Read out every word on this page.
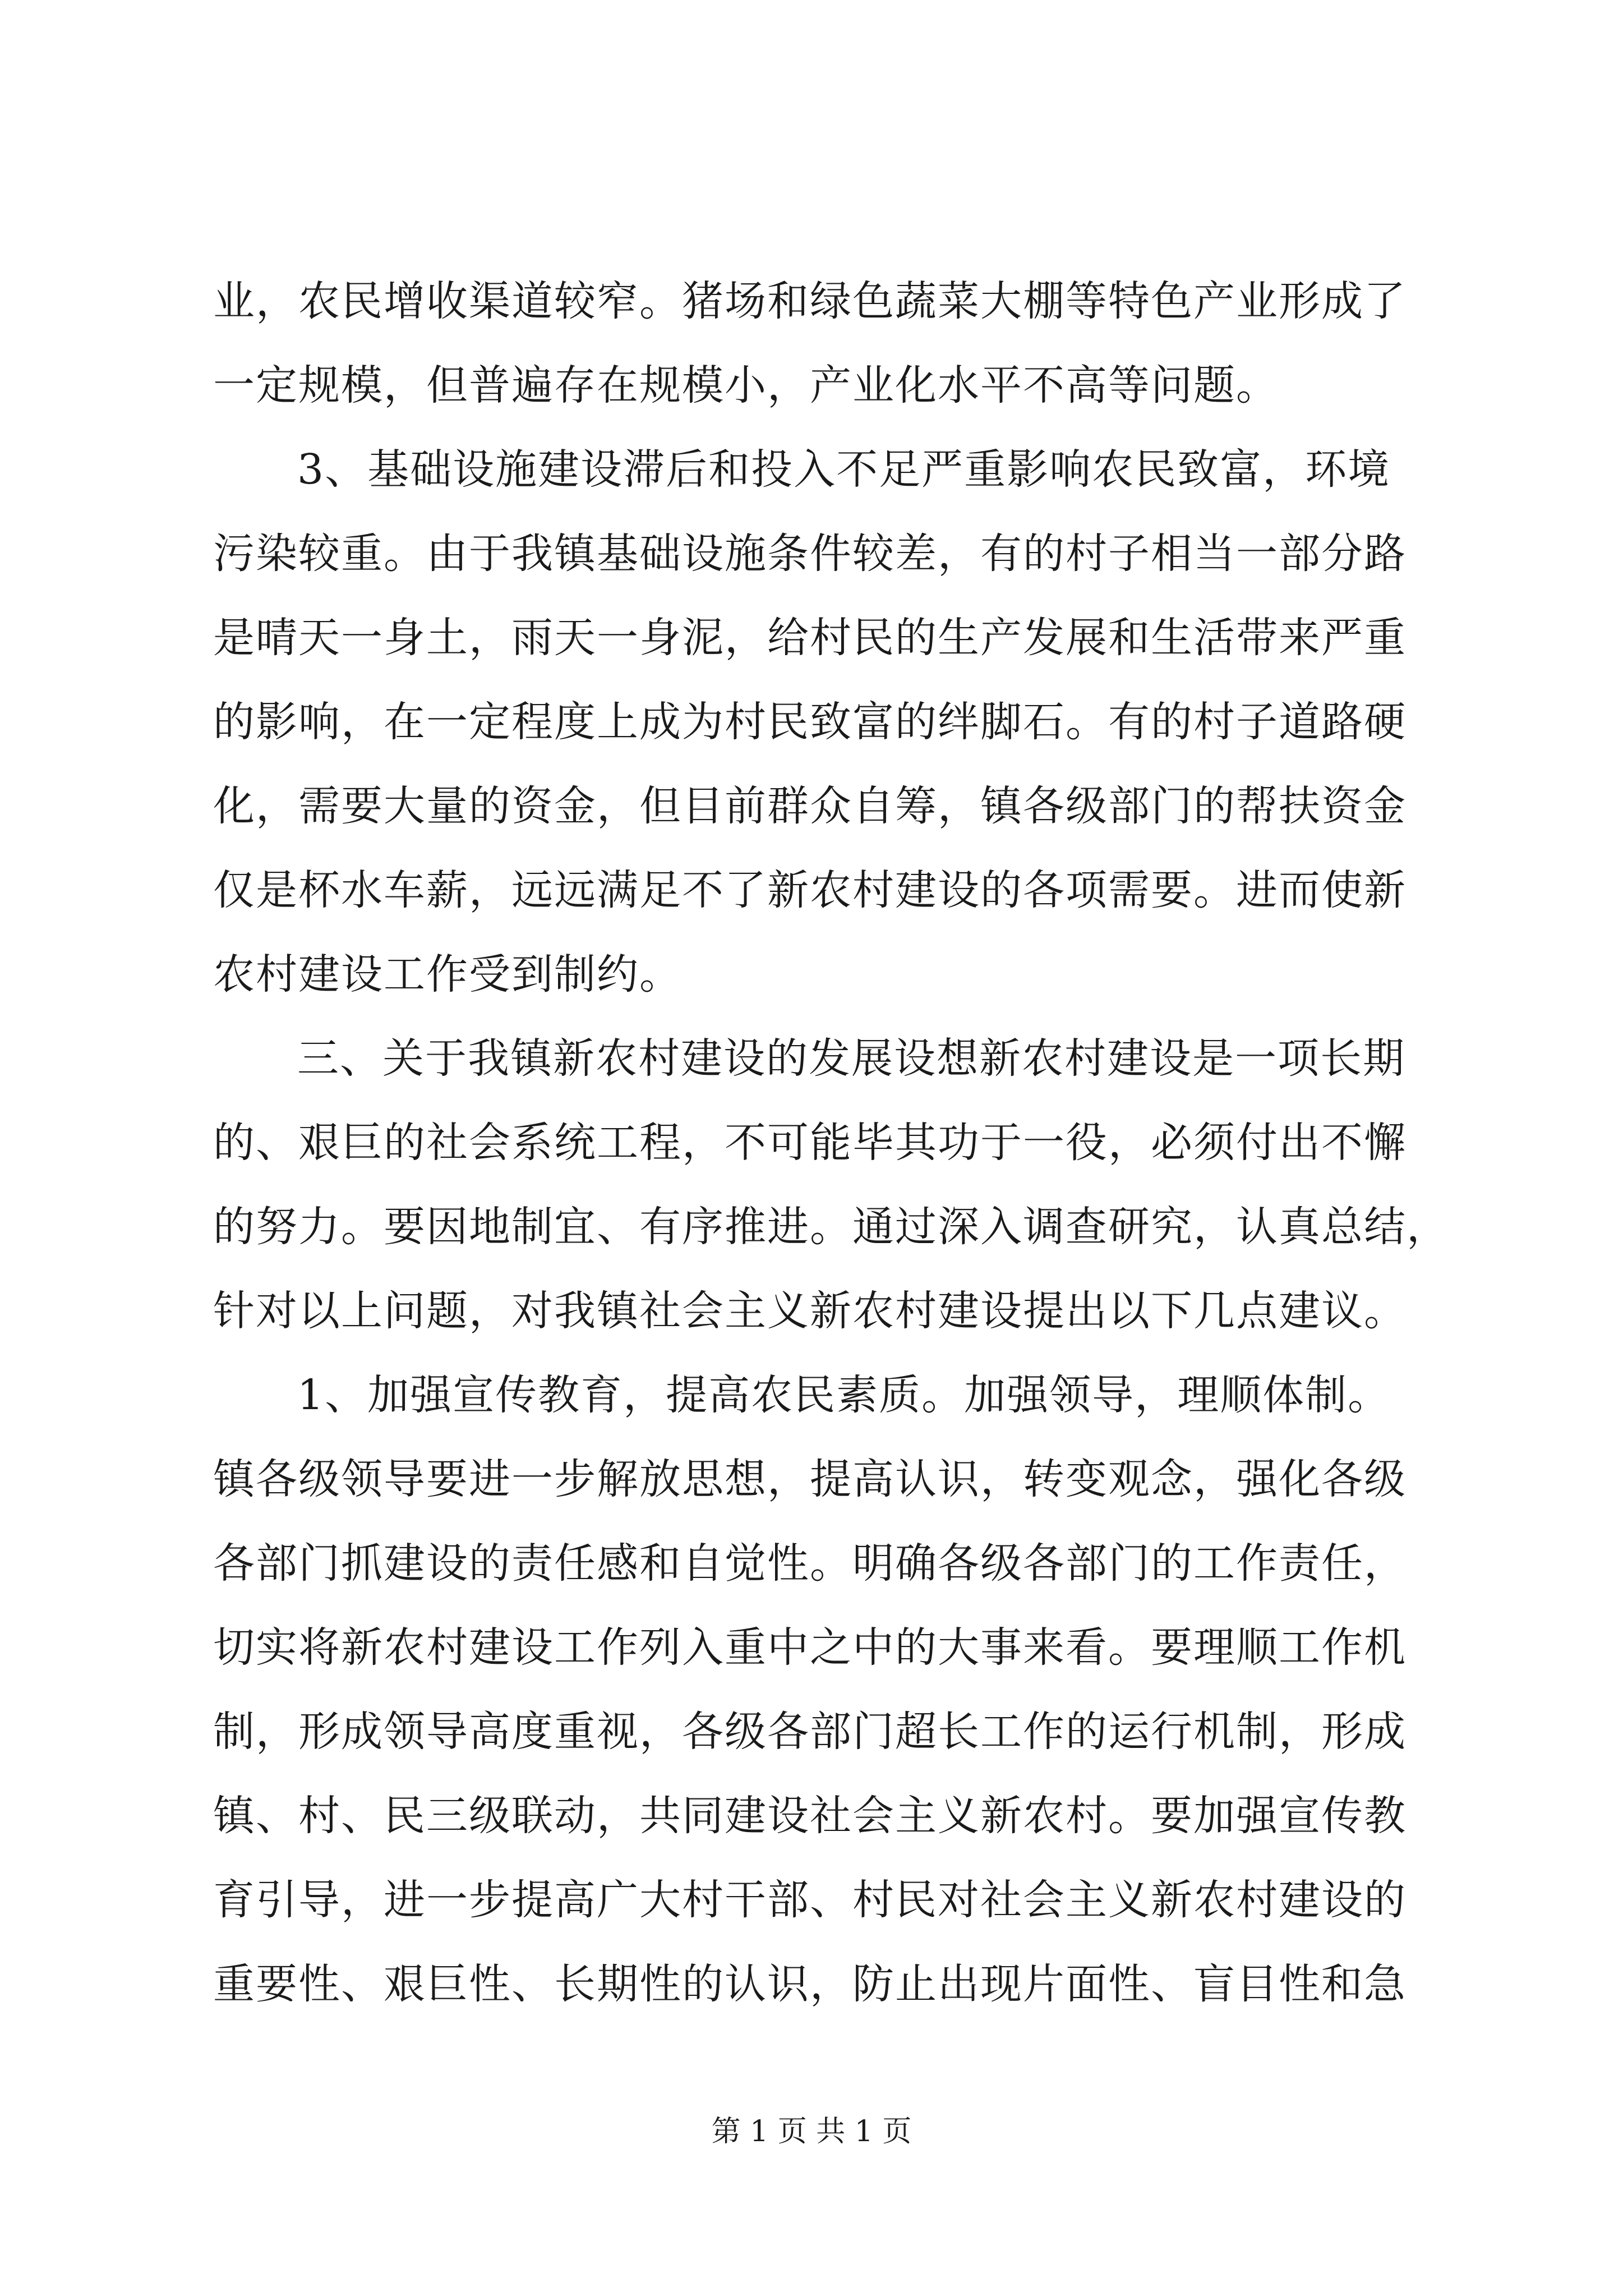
业，农民增收渠道较窄。猪场和绿色蔬菜大棚等特色产业形成了
一定规模，但普遍存在规模小，产业化水平不高等问题。
3、基础设施建设滞后和投入不足严重影响农民致富，环境
污染较重。由于我镇基础设施条件较差，有的村子相当一部分路
是晴天一身土，雨天一身泥，给村民的生产发展和生活带来严重
的影响，在一定程度上成为村民致富的绊脚石。有的村子道路硬
化，需要大量的资金，但目前群众自筹，镇各级部门的帮扶资金
仅是杯水车薪，远远满足不了新农村建设的各项需要。进而使新
农村建设工作受到制约。
三、关于我镇新农村建设的发展设想新农村建设是一项长期
的、艰巨的社会系统工程，不可能毕其功于一役，必须付出不懈
的努力。要因地制宜、有序推进。通过深入调查研究，认真总结，
针对以上问题，对我镇社会主义新农村建设提出以下几点建议。
1、加强宣传教育，提高农民素质。加强领导，理顺体制。
镇各级领导要进一步解放思想，提高认识，转变观念，强化各级
各部门抓建设的责任感和自觉性。明确各级各部门的工作责任，
切实将新农村建设工作列入重中之中的大事来看。要理顺工作机
制，形成领导高度重视，各级各部门超长工作的运行机制，形成
镇、村、民三级联动，共同建设社会主义新农村。要加强宣传教
育引导，进一步提高广大村干部、村民对社会主义新农村建设的
重要性、艰巨性、长期性的认识，防止出现片面性、盲目性和急
第 1 页 共 1 页
